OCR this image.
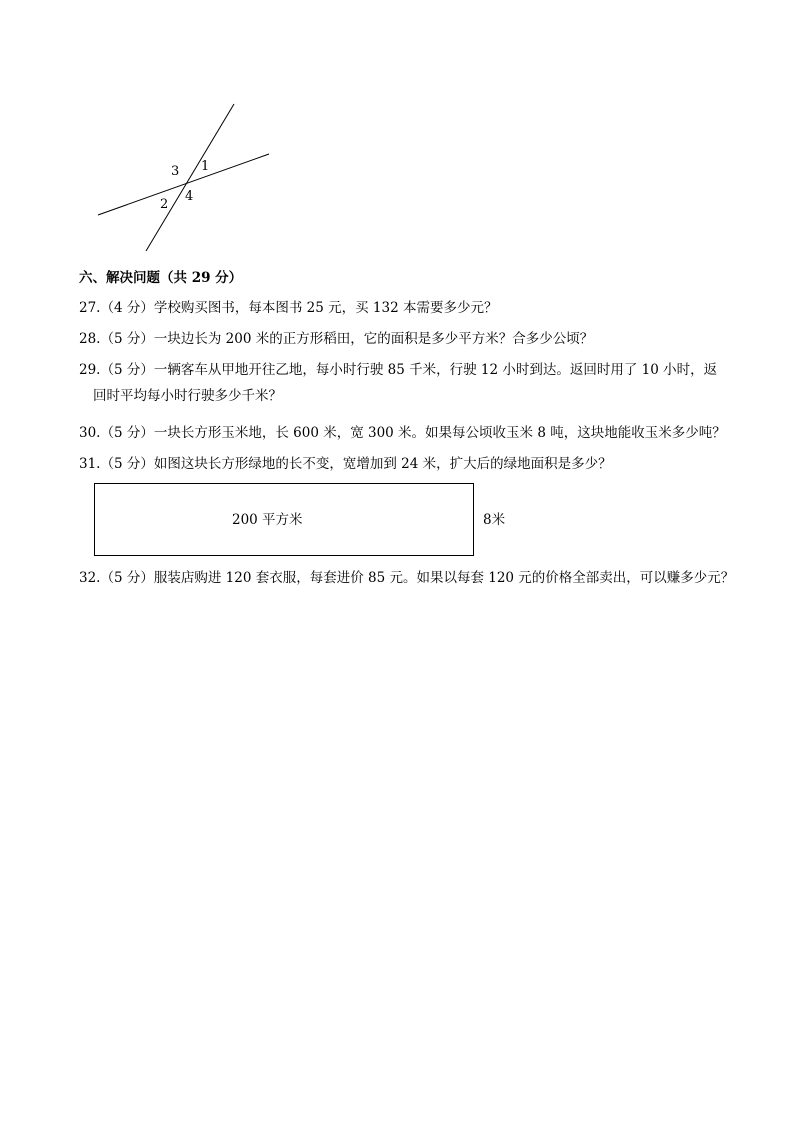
3 1
2
4
六、解决问题（共 29 分）
27.（4 分）学校购买图书，每本图书 25 元，买 132 本需要多少元？
28.（5 分）一块边长为 200 米的正方形稻田，它的面积是多少平方米？合多少公顷？
29.（5 分）一辆客车从甲地开往乙地，每小时行驶 85 千米，行驶 12 小时到达。返回时用了 10 小时，返
回时平均每小时行驶多少千米？
30.（5 分）一块长方形玉米地，长 600 米，宽 300 米。如果每公顷收玉米 8 吨，这块地能收玉米多少吨？
31.（5 分）如图这块长方形绿地的长不变，宽增加到 24 米，扩大后的绿地面积是多少？
200 平方米	8米
32.（5 分）服装店购进 120 套衣服，每套进价 85 元。如果以每套 120 元的价格全部卖出，可以赚多少元？
